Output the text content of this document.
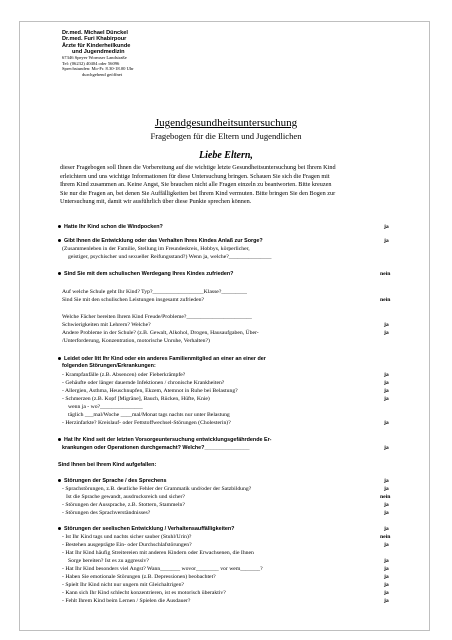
Dr.med. Michael Dünckel
Dr.med. Furi Khabirpour
Ärzte für Kinderheilkunde
und Jugendmedizin
67346 Speyer Wormser Landstraße
Tel: (06232) 40404 oder 56096
Sprechstunden: Mo-Fr. 8.30-18.00 Uhr
durchgehend geöffnet
Jugendgesundheitsuntersuchung
Fragebogen für die Eltern und Jugendlichen
Liebe Eltern,
dieser Fragebogen soll Ihnen die Vorbereitung auf die wichtige letzte Gesundheitsuntersuchung bei Ihrem Kind
erleichtern und uns wichtige Informationen für diese Untersuchung bringen. Schauen Sie sich die Fragen mit
Ihrem Kind zusammen an. Keine Angst, Sie brauchen nicht alle Fragen einzeln zu beantworten. Bitte kreuzen
Sie nur die Fragen an, bei denen Sie Auffälligkeiten bei Ihrem Kind vermuten. Bitte bringen Sie den Bogen zur
Untersuchung mit, damit wir ausführlich über diese Punkte sprechen können.
Hatte Ihr Kind schon die Windpocken?	ja
Gibt Ihnen die Entwicklung oder das Verhalten Ihres Kindes Anlaß zur Sorge?	ja
(Zusammenleben in der Familie, Stellung im Freundeskreis, Hobbys, körperlicher,
geistiger, psychischer und sexueller Reifungsstand?) Wenn ja, welche?_______________
Sind Sie mit dem schulischen Werdegang Ihres Kindes zufrieden?	nein
Auf welche Schule geht Ihr Kind? Typ?__________________Klasse?_________
Sind Sie mit den schulischen Leistungen insgesamt zufrieden?	nein
Welche Fächer bereiten Ihrem Kind Freude/Probleme?_______________________
Schwierigkeiten mit Lehrern? Welche?	ja
Andere Probleme in der Schule? (z.B. Gewalt, Alkohol, Drogen, Hausaufgaben, Über-	ja
/Unterforderung, Konzentration, motorische Unruhe, Verhalten?)
Leidet oder litt Ihr Kind oder ein anderes Familienmitglied an einer an einer der
folgenden Störungen/Erkrankungen:
- Krampfanfälle (z.B. Absencen) oder Fieberkrämpfe?	ja
- Gehäufte oder länger dauernde Infektionen / chronische Krankheiten?	ja
- Allergien, Asthma, Heuschnupfen, Ekzem, Atemnot in Ruhe bei Belastung?	ja
- Schmerzen (z.B. Kopf [Migräne], Bauch, Rücken, Hüfte, Knie)	ja
wenn ja - wo?_______________
täglich ___mal/Woche ____mal/Monat tags nachts nur unter Belastung
- Herzinfarkte? Kreislauf- oder Fettstoffwechsel-Störungen (Cholesterin)?	ja
Hat Ihr Kind seit der letzten Vorsorgeuntersuchung entwicklungsgefährdende Er-
krankungen oder Operationen durchgemacht? Welche?_______________	ja
Sind Ihnen bei Ihrem Kind aufgefallen:
Störungen der Sprache / des Sprechens	ja
- Sprachstörungen, z.B. deutliche Fehler der Grammatik und/oder der Satzbildung?	ja
Ist die Sprache gewandt, ausdrucksreich und sicher?	nein
- Störungen der Aussprache, z.B. Stottern, Stammeln?	ja
- Störungen des Sprachverständnisses?	ja
Störungen der seelischen Entwicklung / Verhaltensauffälligkeiten?	ja
- Ist Ihr Kind tags und nachts sicher sauber (Stuhl/Urin)?	nein
- Bestehen ausgeprägte Ein- oder Durchschlafstörungen?	ja
- Hat Ihr Kind häufig Streitereien mit anderen Kindern oder Erwachsenen, die Ihnen
Sorge bereiten? Ist es zu aggressiv?	ja
- Hat Ihr Kind besonders viel Angst? Wann_______ wovor________ vor wem_______?	ja
- Haben Sie emotionale Störungen (z.B. Depressionen) beobachtet?	ja
- Spielt Ihr Kind nicht nur ungern mit Gleichaltrigen?	ja
- Kann sich Ihr Kind schlecht konzentrieren, ist es motorisch überaktiv?	ja
- Fehlt Ihrem Kind beim Lernen / Spielen die Ausdauer?	ja
